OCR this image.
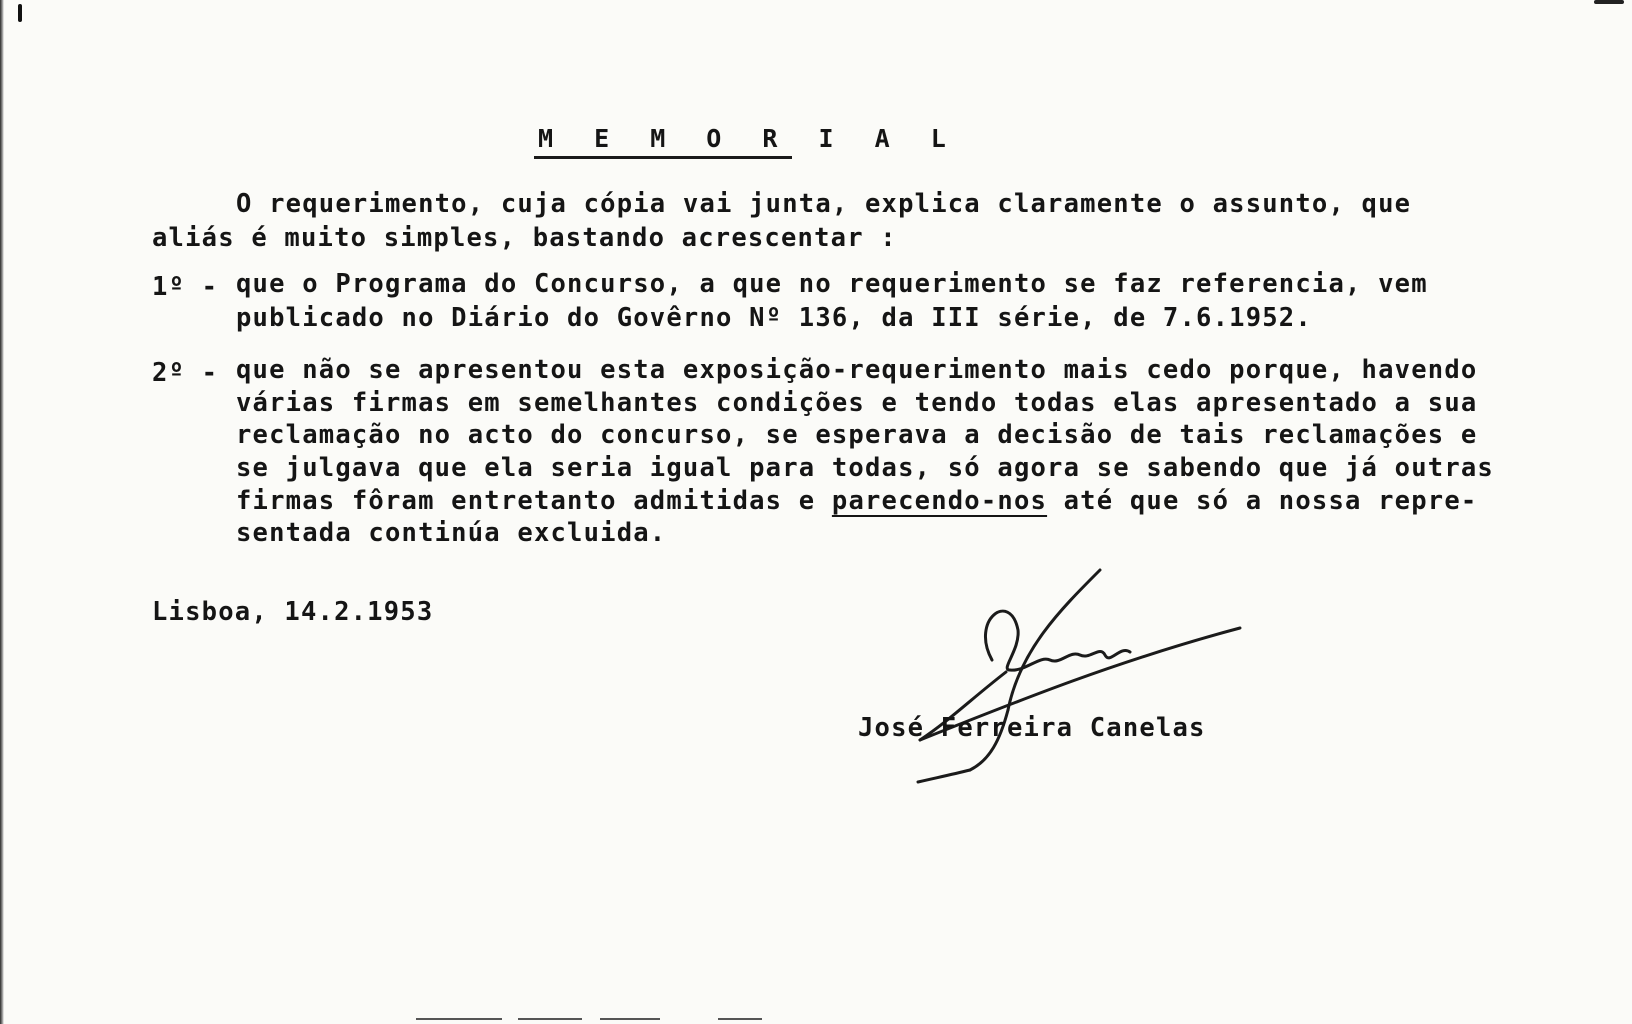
M E M O R I A L
O requerimento, cuja cópia vai junta, explica claramente o assunto, que
aliás é muito simples, bastando acrescentar :
1º - que o Programa do Concurso, a que no requerimento se faz referencia, vem
publicado no Diário do Govêrno Nº 136, da III série, de 7.6.1952.
2º - que não se apresentou esta exposição-requerimento mais cedo porque, havendo
várias firmas em semelhantes condições e tendo todas elas apresentado a sua
reclamação no acto do concurso, se esperava a decisão de tais reclamações e
se julgava que ela seria igual para todas, só agora se sabendo que já outras
firmas fôram entretanto admitidas e parecendo-nos até que só a nossa repre-
sentada continúa excluida.
Lisboa, 14.2.1953
José Ferreira Canelas
